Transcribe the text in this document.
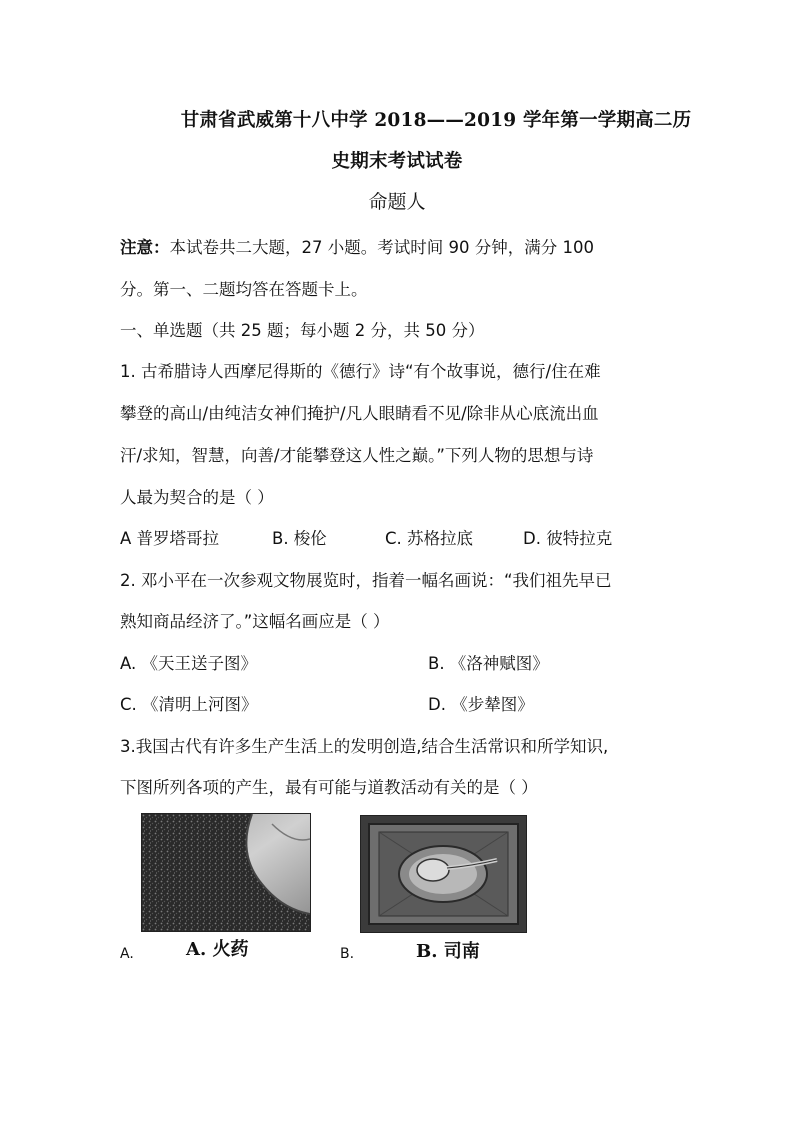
甘肃省武威第十八中学 2018——2019 学年第一学期高二历
史期末考试试卷
命题人
注意：本试卷共二大题，27 小题。考试时间 90 分钟，满分 100
分。第一、二题均答在答题卡上。
一、单选题（共 25 题；每小题 2 分，共 50 分）
1. 古希腊诗人西摩尼得斯的《德行》诗“有个故事说，德行/住在难
攀登的高山/由纯洁女神们掩护/凡人眼睛看不见/除非从心底流出血
汗/求知，智慧，向善/才能攀登这人性之巅。”下列人物的思想与诗
人最为契合的是（ ）
A 普罗塔哥拉	B. 梭伦	C. 苏格拉底	D. 彼特拉克
2. 邓小平在一次参观文物展览时，指着一幅名画说：“我们祖先早已
熟知商品经济了。”这幅名画应是（ ）
A. 《天王送子图》	B. 《洛神赋图》
C. 《清明上河图》	D. 《步辇图》
3.我国古代有许多生产生活上的发明创造,结合生活常识和所学知识,
下图所列各项的产生，最有可能与道教活动有关的是（ ）
A.	A. 火药	B.	B. 司南
